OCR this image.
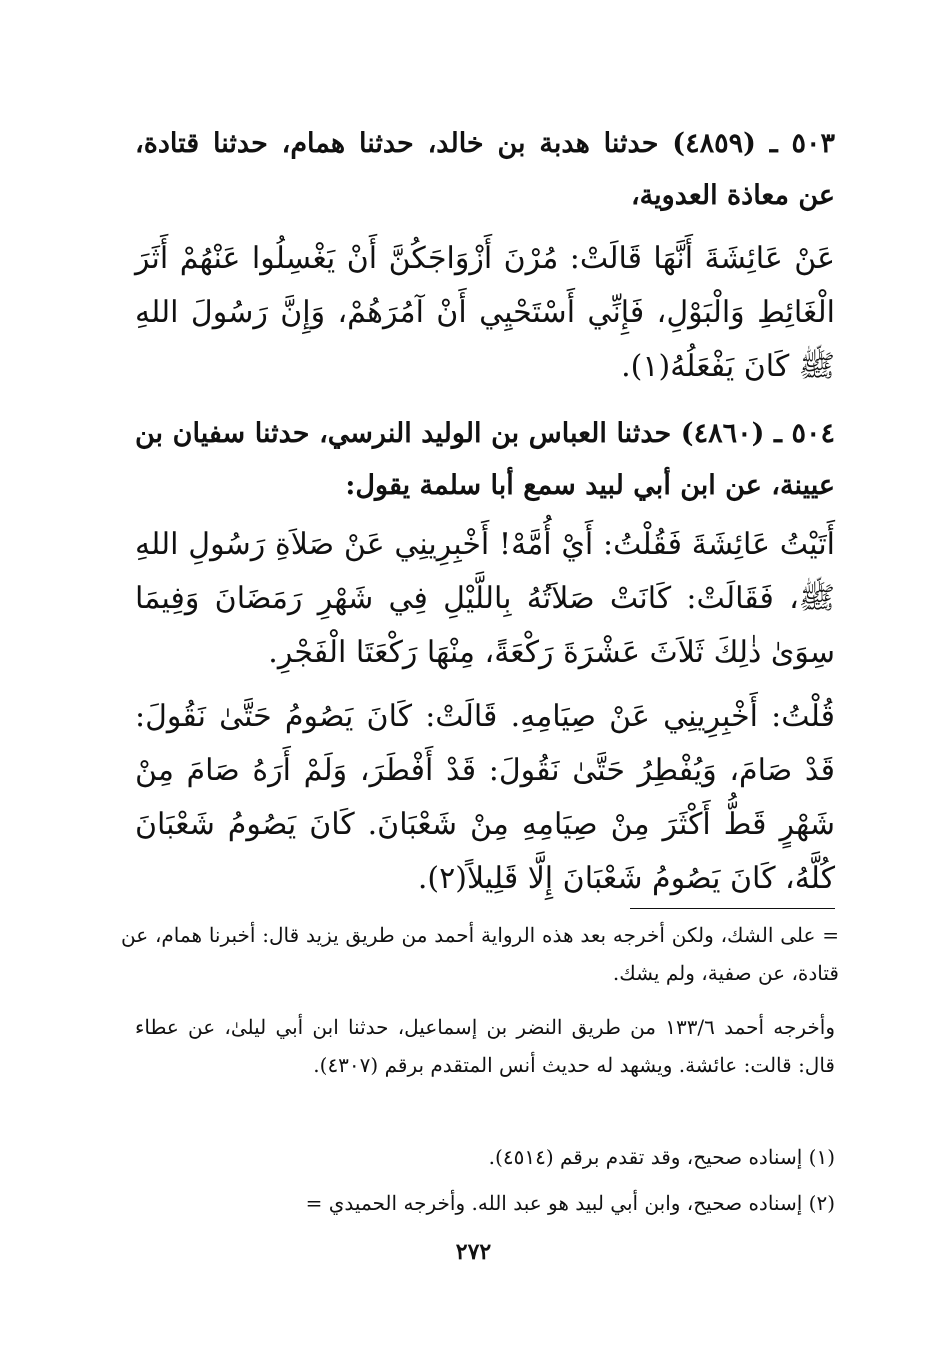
٥٠٣ ـ (٤٨٥٩) حدثنا هدبة بن خالد، حدثنا همام، حدثنا قتادة، عن معاذة العدوية،

عَنْ عَائِشَةَ أَنَّهَا قَالَتْ: مُرْنَ أَزْوَاجَكُنَّ أَنْ يَغْسِلُوا عَنْهُمْ أَثَرَ الْغَائِطِ وَالْبَوْلِ، فَإِنِّي أَسْتَحْيِي أَنْ آمُرَهُمْ، وَإِنَّ رَسُولَ اللهِ ﷺ كَانَ يَفْعَلُهُ(١).

٥٠٤ ـ (٤٨٦٠) حدثنا العباس بن الوليد النرسي، حدثنا سفيان بن عيينة، عن ابن أبي لبيد سمع أبا سلمة يقول:

أَتَيْتُ عَائِشَةَ فَقُلْتُ: أَيْ أُمَّهْ! أَخْبِرِينِي عَنْ صَلاَةِ رَسُولِ اللهِ ﷺ، فَقَالَتْ: كَانَتْ صَلاَتُهُ بِاللَّيْلِ فِي شَهْرِ رَمَضَانَ وَفِيمَا سِوَىٰ ذٰلِكَ ثَلاَثَ عَشْرَةَ رَكْعَةً، مِنْهَا رَكْعَتَا الْفَجْرِ.

قُلْتُ: أَخْبِرِينِي عَنْ صِيَامِهِ. قَالَتْ: كَانَ يَصُومُ حَتَّىٰ نَقُولَ: قَدْ صَامَ، وَيُفْطِرُ حَتَّىٰ نَقُولَ: قَدْ أَفْطَرَ، وَلَمْ أَرَهُ صَامَ مِنْ شَهْرٍ قَطُّ أَكْثَرَ مِنْ صِيَامِهِ مِنْ شَعْبَانَ. كَانَ يَصُومُ شَعْبَانَ كُلَّهُ، كَانَ يَصُومُ شَعْبَانَ إِلَّا قَلِيلاً(٢).

= على الشك، ولكن أخرجه بعد هذه الرواية أحمد من طريق يزيد قال: أخبرنا همام، عن قتادة، عن صفية، ولم يشك.

وأخرجه أحمد ١٣٣/٦ من طريق النضر بن إسماعيل، حدثنا ابن أبي ليلىٰ، عن عطاء قال: قالت: عائشة. ويشهد له حديث أنس المتقدم برقم (٤٣٠٧).

(١) إسناده صحيح، وقد تقدم برقم (٤٥١٤).

(٢) إسناده صحيح، وابن أبي لبيد هو عبد الله. وأخرجه الحميدي =

٢٧٢
